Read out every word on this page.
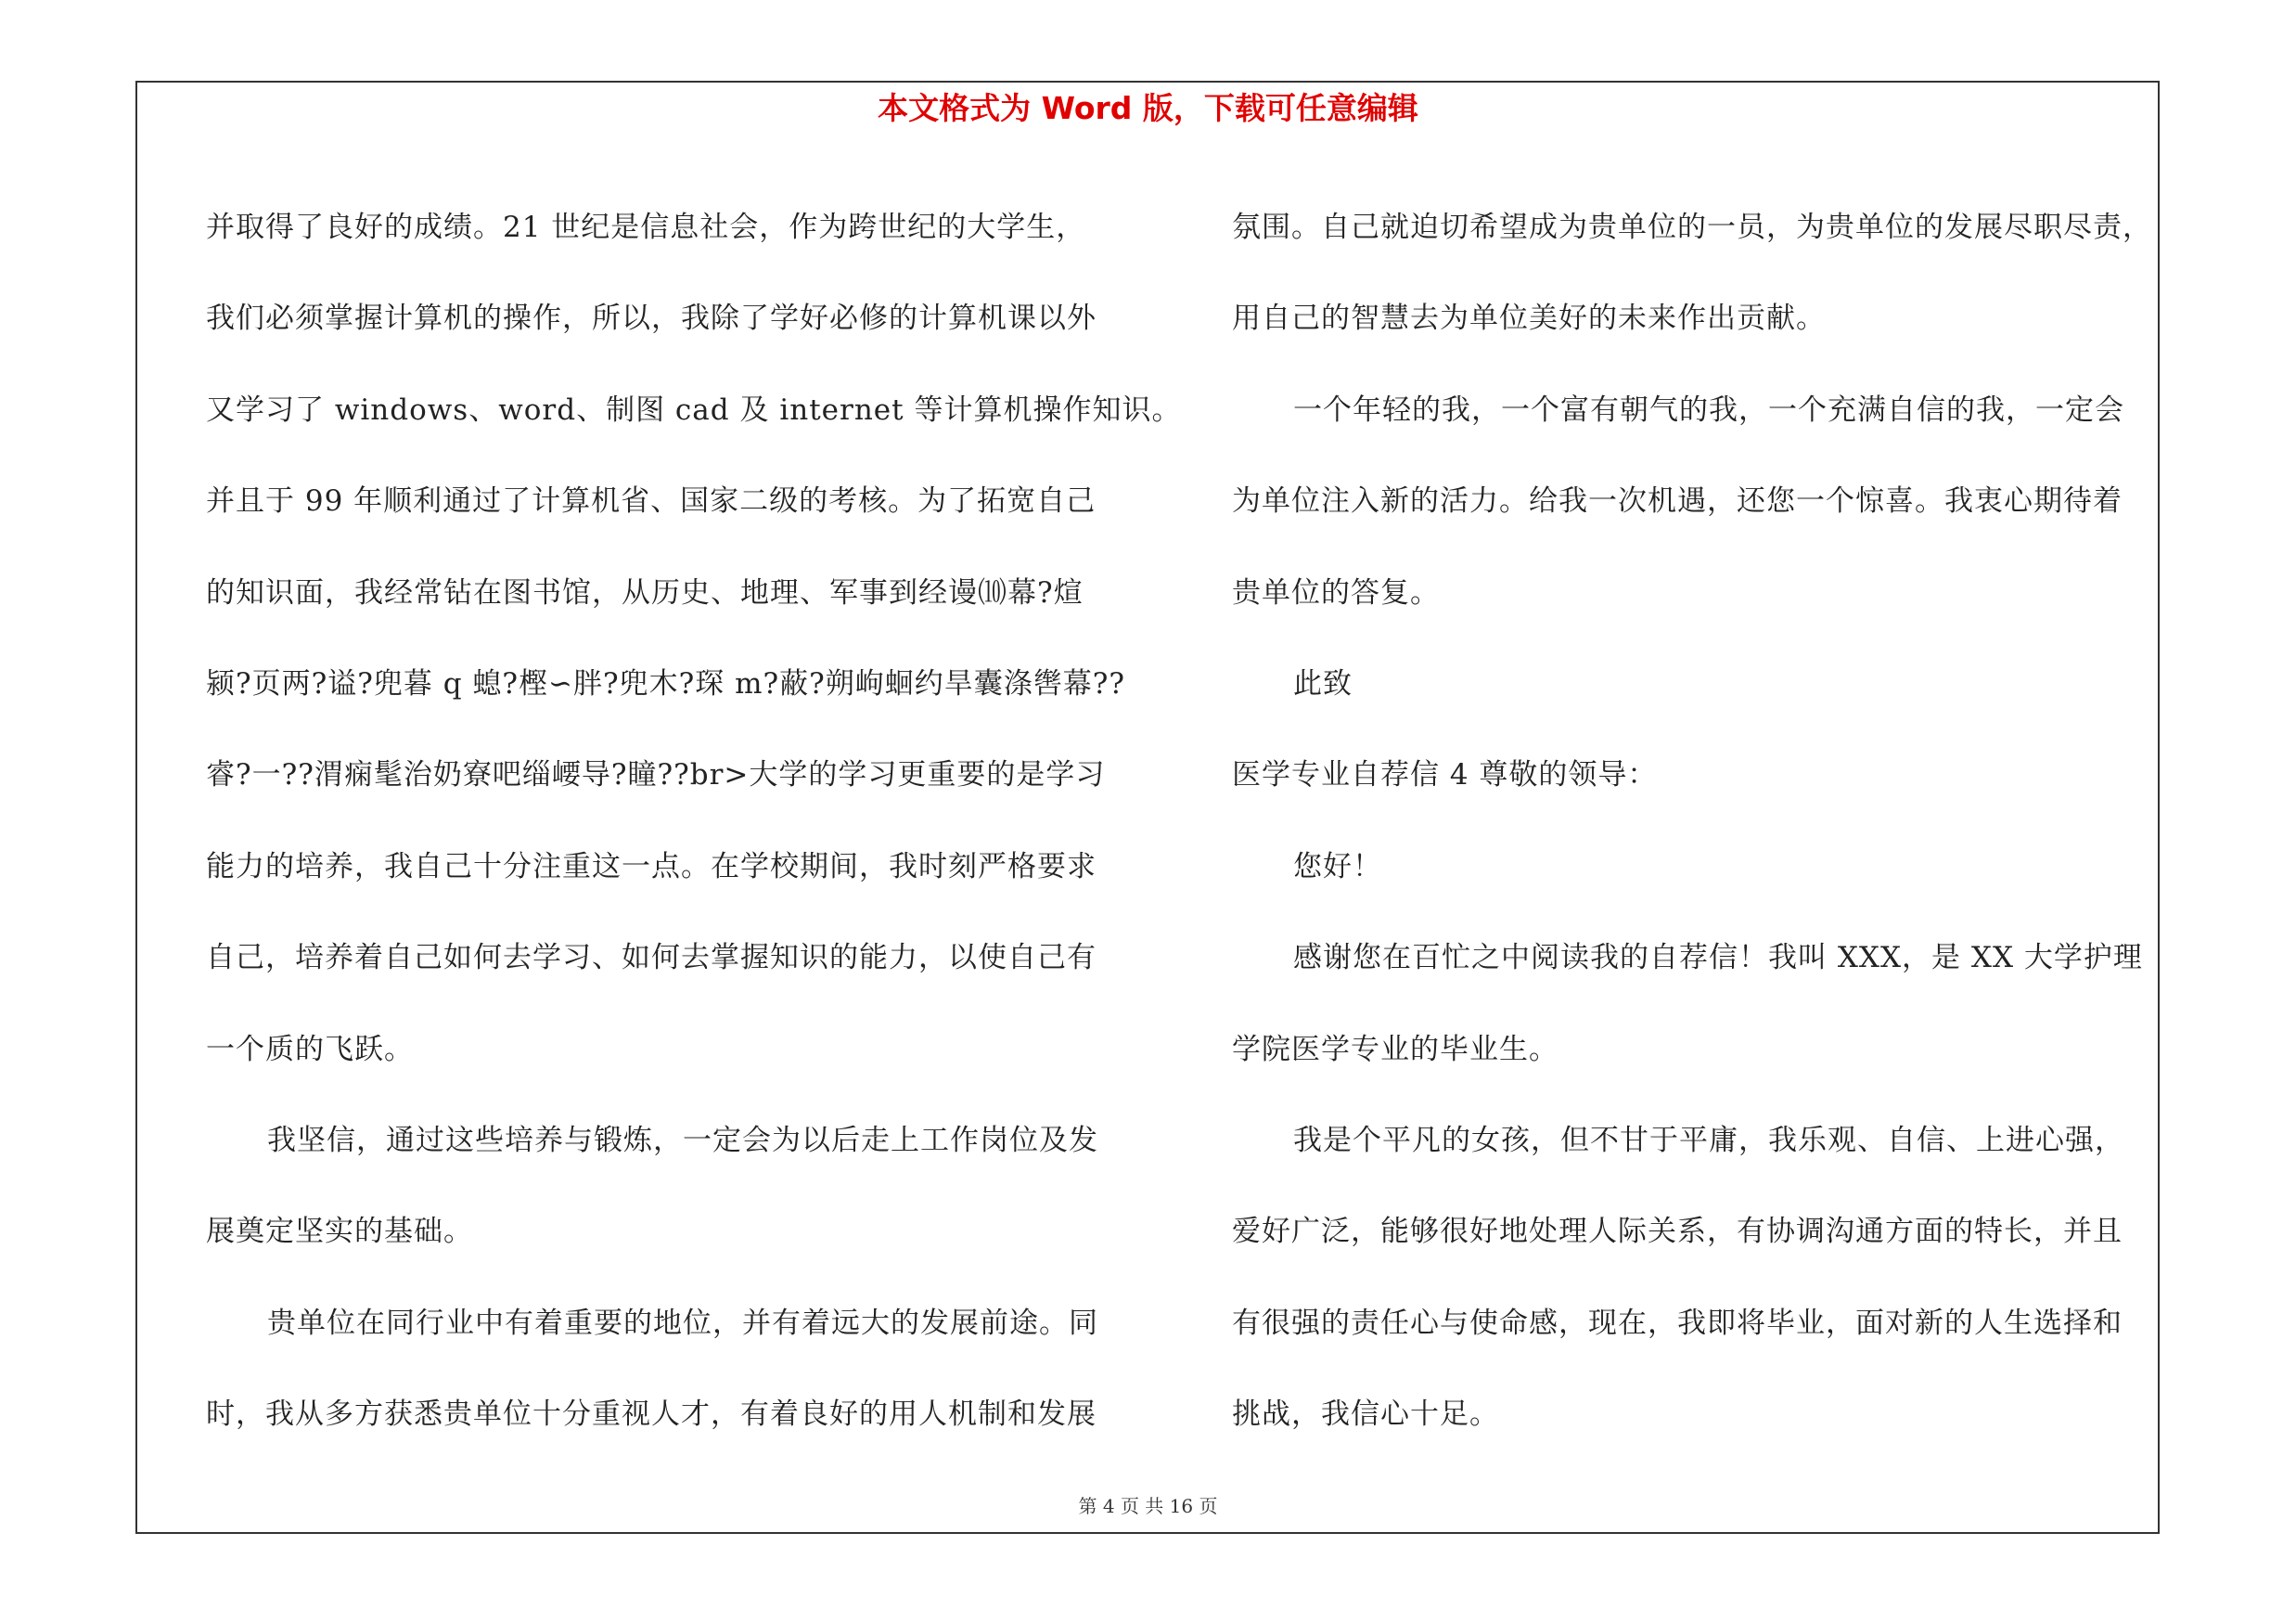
本文格式为 Word 版，下载可任意编辑
并取得了良好的成绩。21 世纪是信息社会，作为跨世纪的大学生，
我们必须掌握计算机的操作，所以，我除了学好必修的计算机课以外
又学习了 windows、word、制图 cad 及 internet 等计算机操作知识。
并且于 99 年顺利通过了计算机省、国家二级的考核。为了拓宽自己
的知识面，我经常钻在图书馆，从历史、地理、军事到经谩⑽幕?煊
颍?页两?谥?兜暮 q 螅?樫∽胖?兜木?琛 m?蔽?朔岣蛔约旱囊涤辔幕??
睿?一??渭痫髦治奶寮吧缁崾导?瞳??br>大学的学习更重要的是学习
能力的培养，我自己十分注重这一点。在学校期间，我时刻严格要求
自己，培养着自己如何去学习、如何去掌握知识的能力，以使自己有
一个质的飞跃。
我坚信，通过这些培养与锻炼，一定会为以后走上工作岗位及发
展奠定坚实的基础。
贵单位在同行业中有着重要的地位，并有着远大的发展前途。同
时，我从多方获悉贵单位十分重视人才，有着良好的用人机制和发展
氛围。自己就迫切希望成为贵单位的一员，为贵单位的发展尽职尽责，
用自己的智慧去为单位美好的未来作出贡献。
一个年轻的我，一个富有朝气的我，一个充满自信的我，一定会
为单位注入新的活力。给我一次机遇，还您一个惊喜。我衷心期待着
贵单位的答复。
此致
医学专业自荐信 4 尊敬的领导：
您好！
感谢您在百忙之中阅读我的自荐信！我叫 XXX，是 XX 大学护理
学院医学专业的毕业生。
我是个平凡的女孩，但不甘于平庸，我乐观、自信、上进心强，
爱好广泛，能够很好地处理人际关系，有协调沟通方面的特长，并且
有很强的责任心与使命感，现在，我即将毕业，面对新的人生选择和
挑战，我信心十足。
第 4 页 共 16 页
